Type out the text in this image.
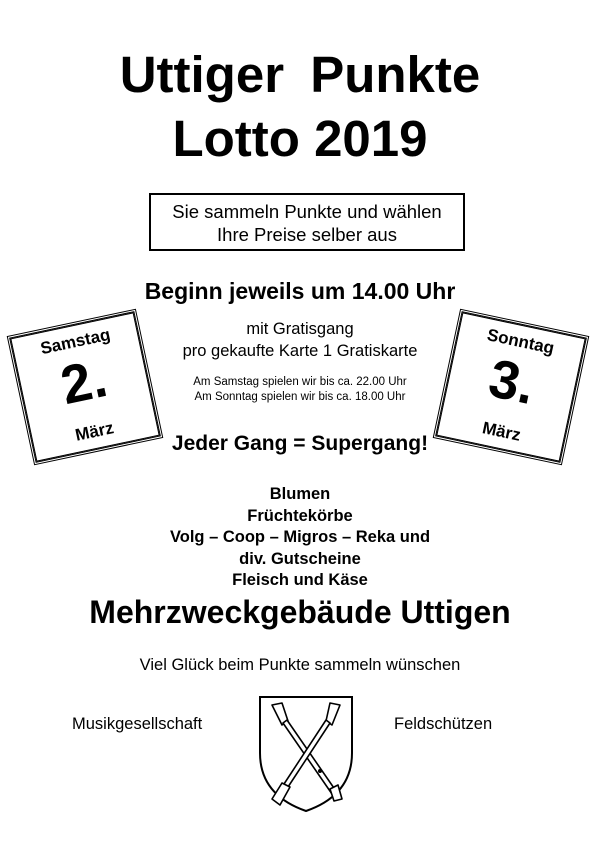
Uttiger Punkte
Lotto 2019
Sie sammeln Punkte und wählen
Ihre Preise selber aus
Beginn jeweils um 14.00 Uhr
mit Gratisgang
pro gekaufte Karte 1 Gratiskarte
Am Samstag spielen wir bis ca. 22.00 Uhr
Am Sonntag spielen wir bis ca. 18.00 Uhr
Samstag
2.
März
Sonntag
3.
März
Jeder Gang = Supergang!
Blumen
Früchtekörbe
Volg – Coop – Migros – Reka und
div. Gutscheine
Fleisch und Käse
Mehrzweckgebäude Uttigen
Viel Glück beim Punkte sammeln wünschen
Musikgesellschaft	Feldschützen
